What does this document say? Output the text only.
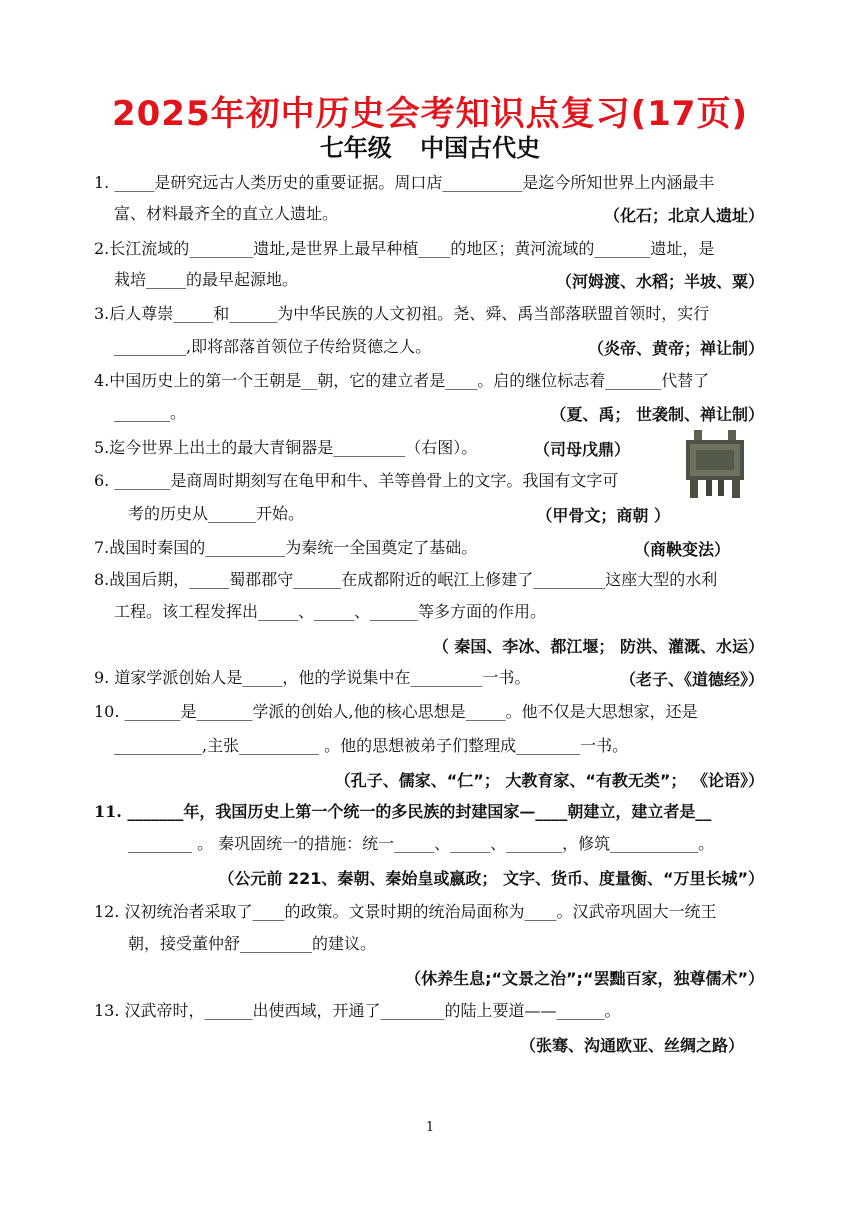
2025年初中历史会考知识点复习(17页)
七年级 中国古代史
1. _____是研究远古人类历史的重要证据。周口店__________是迄今所知世界上内涵最丰
富、材料最齐全的直立人遗址。	（化石；北京人遗址）
2.长江流域的________遗址,是世界上最早种植____的地区；黄河流域的_______遗址，是
栽培_____的最早起源地。	（河姆渡、水稻；半坡、粟）
3.后人尊崇_____和______为中华民族的人文初祖。尧、舜、禹当部落联盟首领时，实行
_________,即将部落首领位子传给贤德之人。	（炎帝、黄帝；禅让制）
4.中国历史上的第一个王朝是__朝，它的建立者是____。启的继位标志着_______代替了
_______。	（夏、禹； 世袭制、禅让制）
5.迄今世界上出土的最大青铜器是_________（右图）。	（司母戊鼎）
6. _______是商周时期刻写在龟甲和牛、羊等兽骨上的文字。我国有文字可
考的历史从______开始。	（甲骨文；商朝 ）
7.战国时秦国的__________为秦统一全国奠定了基础。	（商鞅变法）
8.战国后期，_____蜀郡郡守______在成都附近的岷江上修建了_________这座大型的水利
工程。该工程发挥出_____、_____、______等多方面的作用。
（ 秦国、李冰、都江堰； 防洪、灌溉、水运）
9. 道家学派创始人是_____，他的学说集中在_________一书。	（老子、《道德经》）
10. _______是_______学派的创始人,他的核心思想是_____。他不仅是大思想家，还是
___________,主张__________ 。他的思想被弟子们整理成________一书。
（孔子、儒家、“仁”； 大教育家、“有教无类”； 《论语》）
11. _______年，我国历史上第一个统一的多民族的封建国家—____朝建立，建立者是__
________ 。 秦巩固统一的措施：统一_____、_____、_______，修筑___________。
（公元前 221、秦朝、秦始皇或嬴政； 文字、货币、度量衡、“万里长城”）
12. 汉初统治者采取了____的政策。文景时期的统治局面称为____。汉武帝巩固大一统王
朝，接受董仲舒_________的建议。
（休养生息;“文景之治”;“罢黜百家，独尊儒术”）
13. 汉武帝时，______出使西域，开通了________的陆上要道——______。
（张骞、沟通欧亚、丝绸之路）
1
